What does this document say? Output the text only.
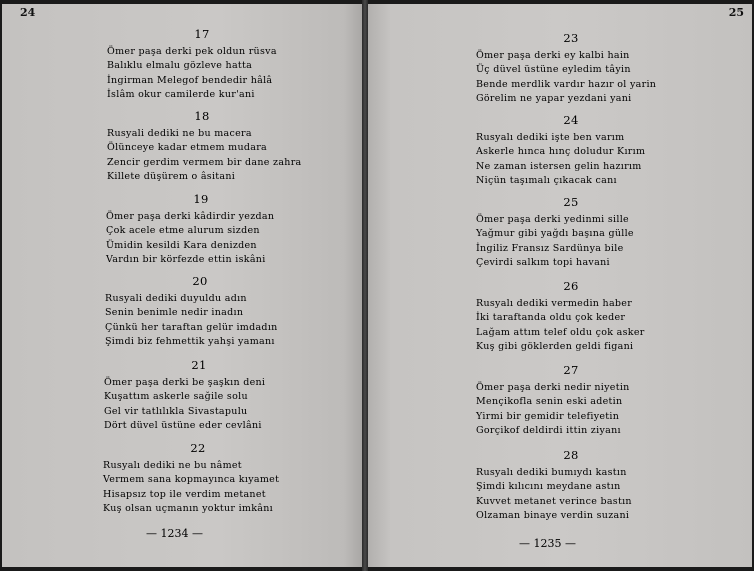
24	25
17
Ömer paşa derki pek oldun rüsva
Balıklu elmalu gözleve hatta
İngirman Melegof bendedir hâlâ
İslâm okur camilerde kur'ani
18
Rusyali dediki ne bu macera
Ölünceye kadar etmem mudara
Zencir gerdim vermem bir dane zahra
Killete düşürem o âsitani
19
Ömer paşa derki kâdirdir yezdan
Çok acele etme alurum sizden
Ümidin kesildi Kara denizden
Vardın bir körfezde ettin iskâni
20
Rusyali dediki duyuldu adın
Senin benimle nedir inadın
Çünkü her taraftan gelür imdadın
Şimdi biz fehmettik yahşi yamanı
21
Ömer paşa derki be şaşkın deni
Kuşattım askerle sağile solu
Gel vir tatlılıkla Sivastapulu
Dört düvel üstüne eder cevlâni
22
Rusyalı dediki ne bu nâmet
Vermem sana kopmayınca kıyamet
Hisapsız top ile verdim metanet
Kuş olsan uçmanın yoktur imkânı
— 1234 —
23
Ömer paşa derki ey kalbi hain
Üç düvel üstüne eyledim tâyin
Bende merdlik vardır hazır ol yarin
Görelim ne yapar yezdani yani
24
Rusyalı dediki işte ben varım
Askerle hınca hınç doludur Kırım
Ne zaman istersen gelin hazırım
Niçün taşımalı çıkacak canı
25
Ömer paşa derki yedinmi sille
Yağmur gibi yağdı başına gülle
İngiliz Fransız Sardünya bile
Çevirdi salkım topi havani
26
Rusyalı dediki vermedin haber
İki taraftanda oldu çok keder
Lağam attım telef oldu çok asker
Kuş gibi göklerden geldi figani
27
Ömer paşa derki nedir niyetin
Mençikofla senin eski adetin
Yirmi bir gemidir telefiyetin
Gorçikof deldirdi ittin ziyanı
28
Rusyalı dediki bumıydı kastın
Şimdi kılıcını meydane astın
Kuvvet metanet verince bastın
Olzaman binaye verdin suzani
— 1235 —
